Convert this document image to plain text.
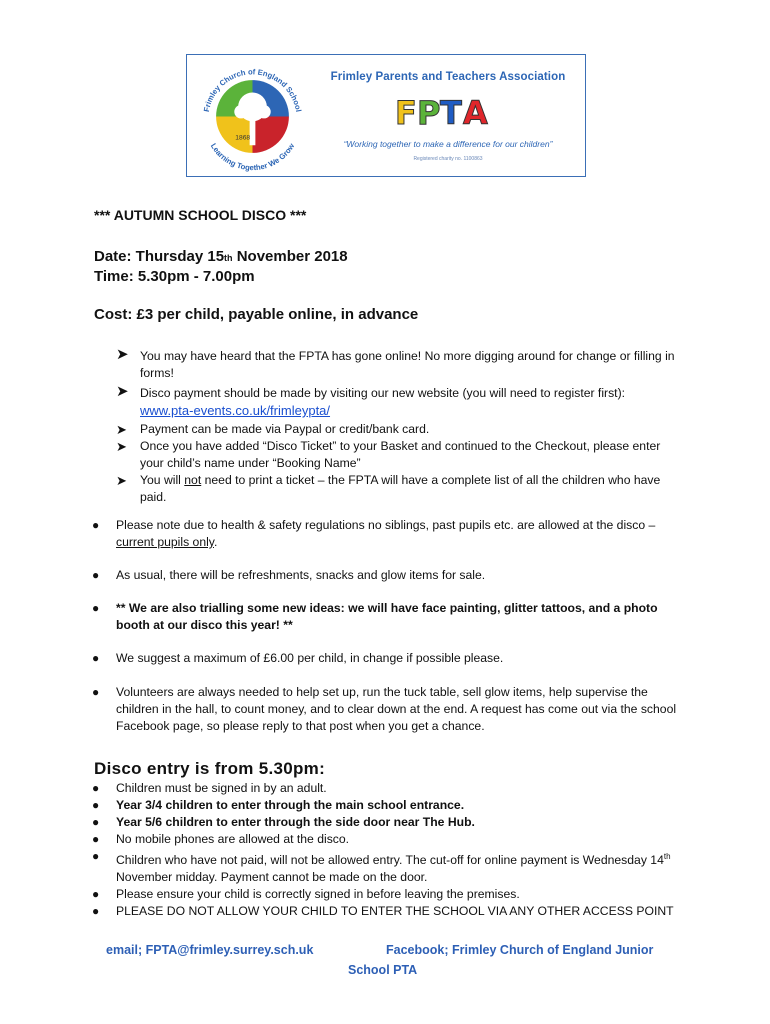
Frimley Church of England School
Learning Together We Grow
1868
Frimley Parents and Teachers Association
F P T A
“Working together to make a difference for our children”
Registered charity no. 1100863
*** AUTUMN SCHOOL DISCO ***
Date: Thursday 15th November 2018
Time: 5.30pm - 7.00pm
Cost: £3 per child, payable online, in advance
➤ You may have heard that the FPTA has gone online! No more digging around for change or filling in forms!
➤ Disco payment should be made by visiting our new website (you will need to register first):
www.pta-events.co.uk/frimleypta/
➤ Payment can be made via Paypal or credit/bank card.
➤ Once you have added “Disco Ticket” to your Basket and continued to the Checkout, please enter your child’s name under “Booking Name”
➤ You will not need to print a ticket – the FPTA will have a complete list of all the children who have paid.
● Please note due to health & safety regulations no siblings, past pupils etc. are allowed at the disco – current pupils only.
● As usual, there will be refreshments, snacks and glow items for sale.
● ** We are also trialling some new ideas: we will have face painting, glitter tattoos, and a photo booth at our disco this year! **
● We suggest a maximum of £6.00 per child, in change if possible please.
● Volunteers are always needed to help set up, run the tuck table, sell glow items, help supervise the children in the hall, to count money, and to clear down at the end. A request has come out via the school Facebook page, so please reply to that post when you get a chance.
Disco entry is from 5.30pm:
● Children must be signed in by an adult.
● Year 3/4 children to enter through the main school entrance.
● Year 5/6 children to enter through the side door near The Hub.
● No mobile phones are allowed at the disco.
● Children who have not paid, will not be allowed entry. The cut-off for online payment is Wednesday 14th November midday. Payment cannot be made on the door.
● Please ensure your child is correctly signed in before leaving the premises.
● PLEASE DO NOT ALLOW YOUR CHILD TO ENTER THE SCHOOL VIA ANY OTHER ACCESS POINT
email; FPTA@frimley.surrey.sch.uk	Facebook; Frimley Church of England Junior
School PTA
